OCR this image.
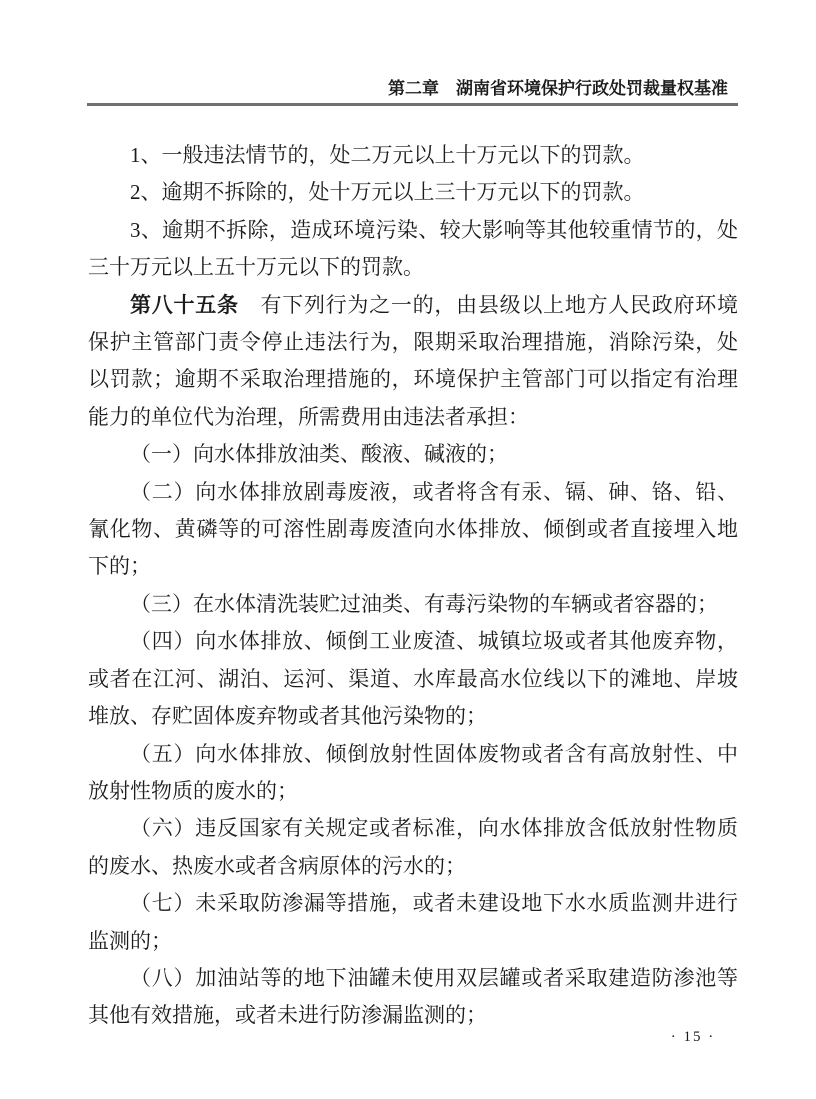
第二章 湖南省环境保护行政处罚裁量权基准

1、一般违法情节的，处二万元以上十万元以下的罚款。

2、逾期不拆除的，处十万元以上三十万元以下的罚款。

3、逾期不拆除，造成环境污染、较大影响等其他较重情节的，处
三十万元以上五十万元以下的罚款。

第八十五条　有下列行为之一的，由县级以上地方人民政府环境
保护主管部门责令停止违法行为，限期采取治理措施，消除污染，处
以罚款；逾期不采取治理措施的，环境保护主管部门可以指定有治理
能力的单位代为治理，所需费用由违法者承担：

（一）向水体排放油类、酸液、碱液的；

（二）向水体排放剧毒废液，或者将含有汞、镉、砷、铬、铅、
氰化物、黄磷等的可溶性剧毒废渣向水体排放、倾倒或者直接埋入地
下的；

（三）在水体清洗装贮过油类、有毒污染物的车辆或者容器的；

（四）向水体排放、倾倒工业废渣、城镇垃圾或者其他废弃物，
或者在江河、湖泊、运河、渠道、水库最高水位线以下的滩地、岸坡
堆放、存贮固体废弃物或者其他污染物的；

（五）向水体排放、倾倒放射性固体废物或者含有高放射性、中
放射性物质的废水的；

（六）违反国家有关规定或者标准，向水体排放含低放射性物质
的废水、热废水或者含病原体的污水的；

（七）未采取防渗漏等措施，或者未建设地下水水质监测井进行
监测的；

（八）加油站等的地下油罐未使用双层罐或者采取建造防渗池等
其他有效措施，或者未进行防渗漏监测的；

· 15 ·
